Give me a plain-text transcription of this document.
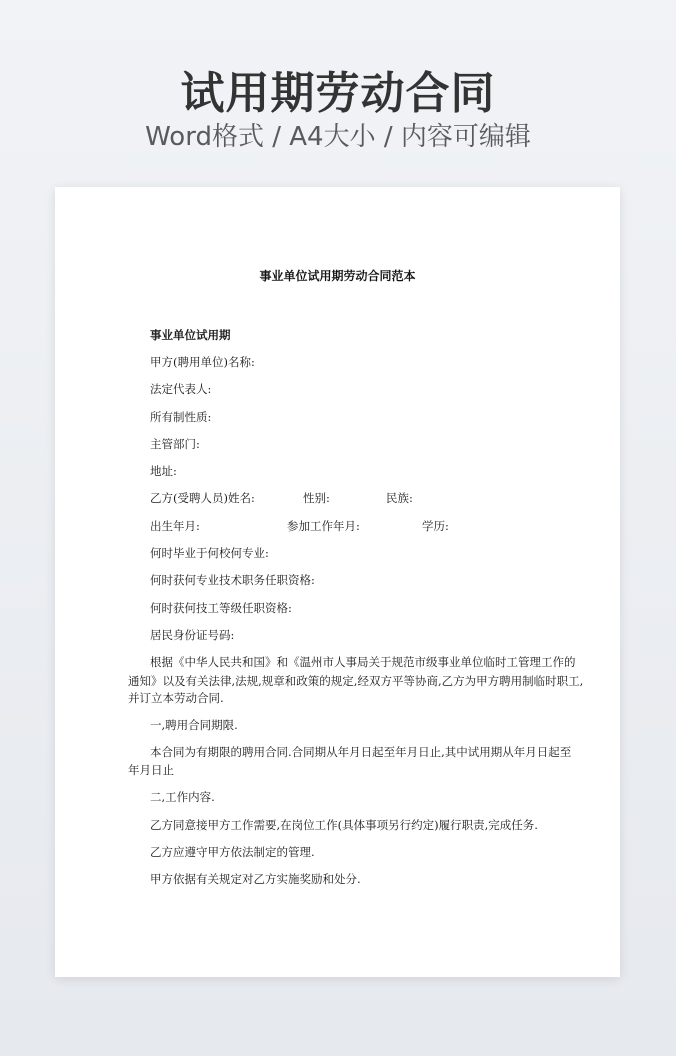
试用期劳动合同
Word格式 / A4大小 / 内容可编辑
事业单位试用期劳动合同范本
事业单位试用期
甲方(聘用单位)名称:
法定代表人:
所有制性质:
主管部门:
地址:
乙方(受聘人员)姓名:	性别:	民族:
出生年月:	参加工作年月:	学历:
何时毕业于何校何专业:
何时获何专业技术职务任职资格:
何时获何技工等级任职资格:
居民身份证号码:
根据《中华人民共和国》和《温州市人事局关于规范市级事业单位临时工管理工作的
通知》以及有关法律,法规,规章和政策的规定,经双方平等协商,乙方为甲方聘用制临时职工,
并订立本劳动合同.
一,聘用合同期限.
本合同为有期限的聘用合同.合同期从年月日起至年月日止,其中试用期从年月日起至
年月日止
二,工作内容.
乙方同意接甲方工作需要,在岗位工作(具体事项另行约定)履行职责,完成任务.
乙方应遵守甲方依法制定的管理.
甲方依据有关规定对乙方实施奖励和处分.
